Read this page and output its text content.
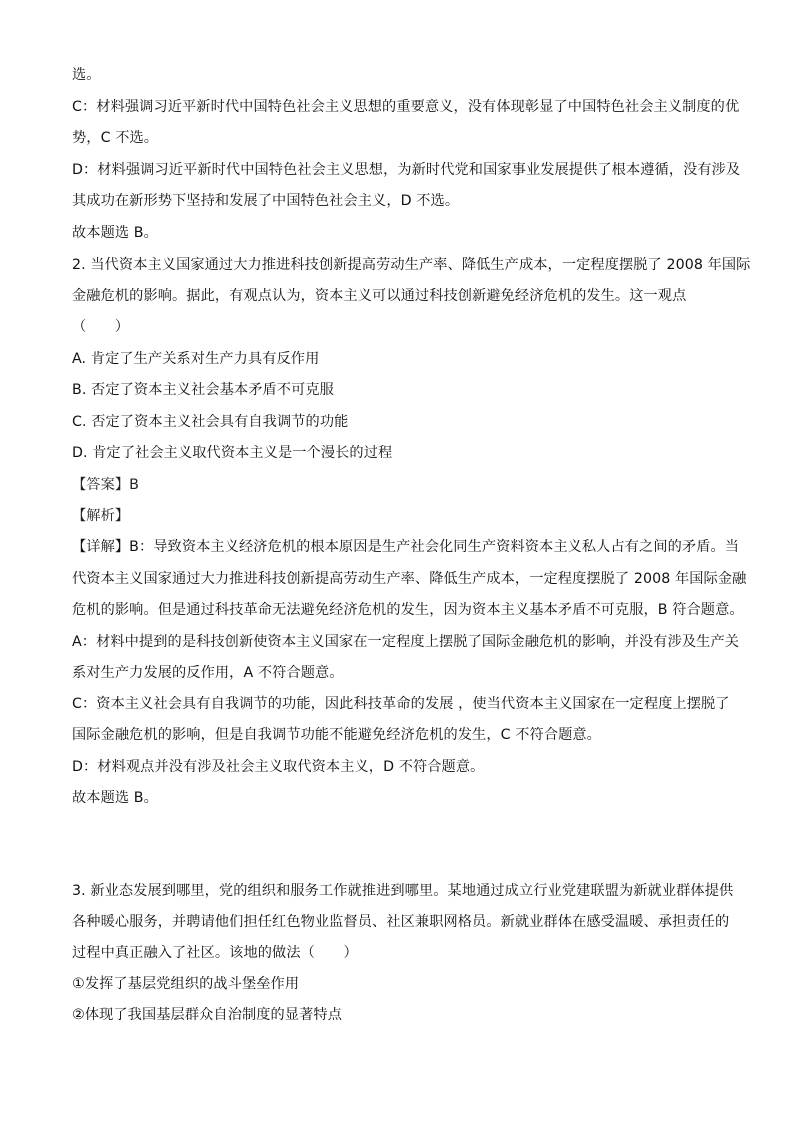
选。
C：材料强调习近平新时代中国特色社会主义思想的重要意义，没有体现彰显了中国特色社会主义制度的优
势，C 不选。
D：材料强调习近平新时代中国特色社会主义思想，为新时代党和国家事业发展提供了根本遵循，没有涉及
其成功在新形势下坚持和发展了中国特色社会主义，D 不选。
故本题选 B。
2. 当代资本主义国家通过大力推进科技创新提高劳动生产率、降低生产成本，一定程度摆脱了 2008 年国际
金融危机的影响。据此，有观点认为，资本主义可以通过科技创新避免经济危机的发生。这一观点
（　　）
A. 肯定了生产关系对生产力具有反作用
B. 否定了资本主义社会基本矛盾不可克服
C. 否定了资本主义社会具有自我调节的功能
D. 肯定了社会主义取代资本主义是一个漫长的过程
【答案】B
【解析】
【详解】B：导致资本主义经济危机的根本原因是生产社会化同生产资料资本主义私人占有之间的矛盾。当
代资本主义国家通过大力推进科技创新提高劳动生产率、降低生产成本，一定程度摆脱了 2008 年国际金融
危机的影响。但是通过科技革命无法避免经济危机的发生，因为资本主义基本矛盾不可克服，B 符合题意。
A：材料中提到的是科技创新使资本主义国家在一定程度上摆脱了国际金融危机的影响，并没有涉及生产关
系对生产力发展的反作用，A 不符合题意。
C：资本主义社会具有自我调节的功能，因此科技革命的发展 ，使当代资本主义国家在一定程度上摆脱了
国际金融危机的影响，但是自我调节功能不能避免经济危机的发生，C 不符合题意。
D：材料观点并没有涉及社会主义取代资本主义，D 不符合题意。
故本题选 B。
3. 新业态发展到哪里，党的组织和服务工作就推进到哪里。某地通过成立行业党建联盟为新就业群体提供
各种暖心服务，并聘请他们担任红色物业监督员、社区兼职网格员。新就业群体在感受温暖、承担责任的
过程中真正融入了社区。该地的做法（　　）
①发挥了基层党组织的战斗堡垒作用
②体现了我国基层群众自治制度的显著特点
